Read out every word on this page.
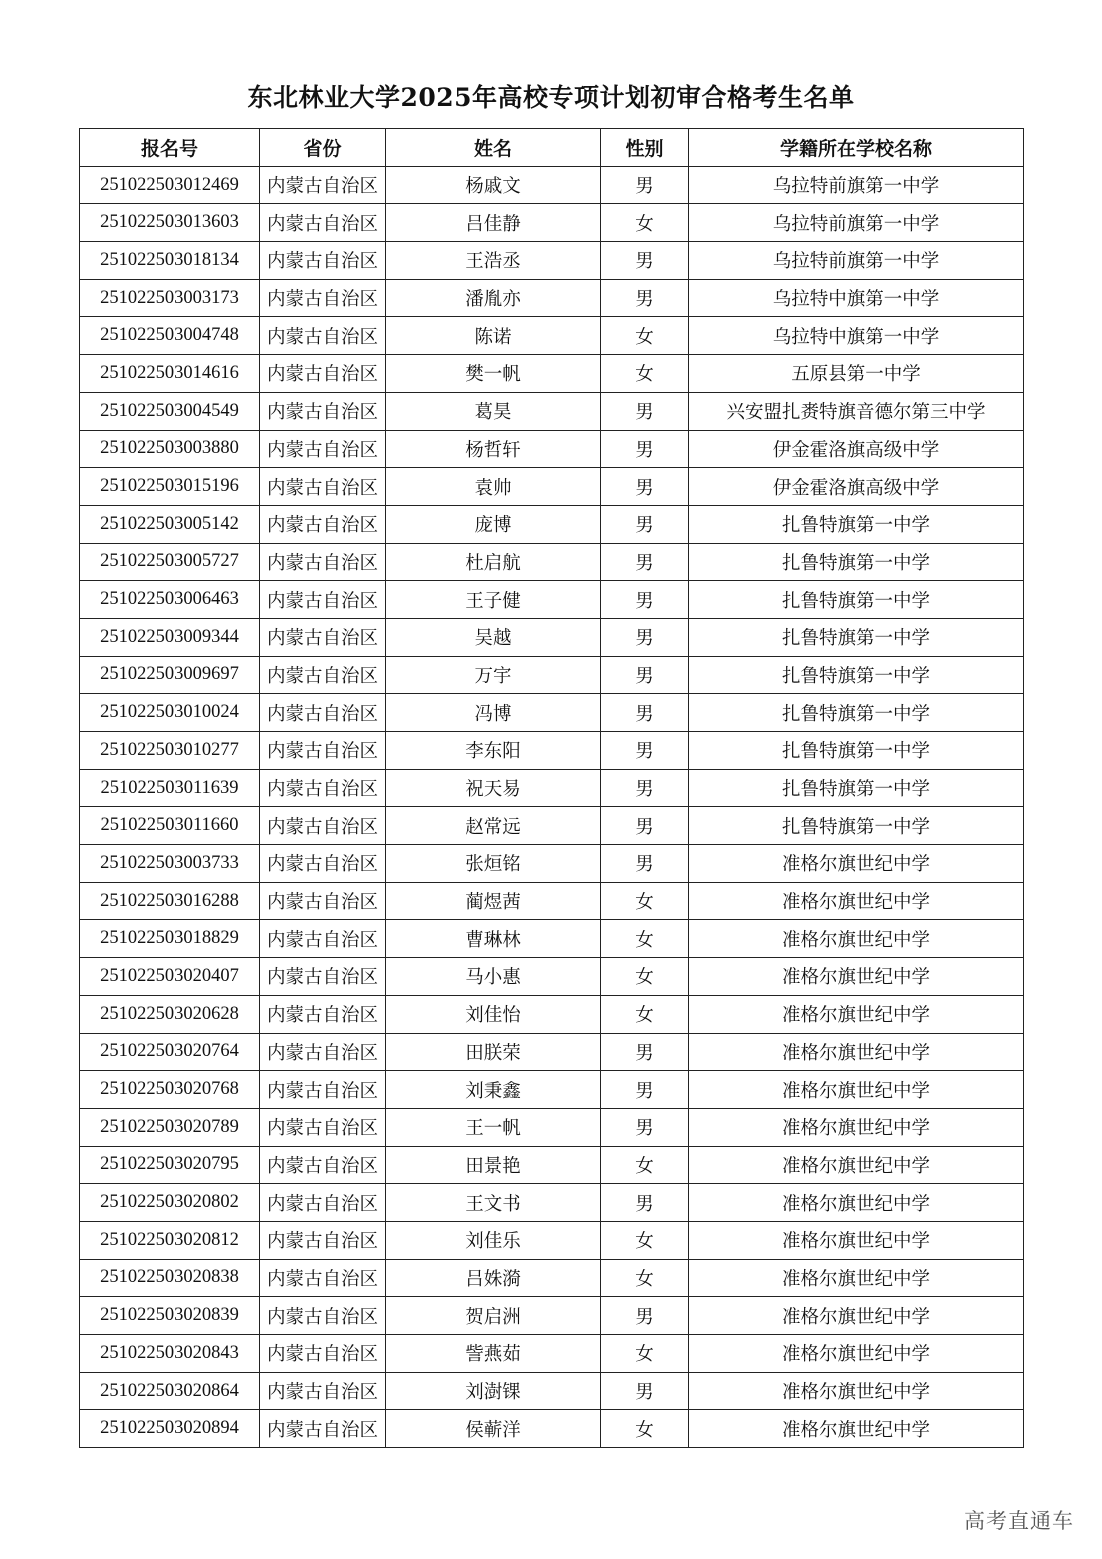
东北林业大学2025年高校专项计划初审合格考生名单
报名号	省份	姓名	性别	学籍所在学校名称
251022503012469	内蒙古自治区	杨戚文	男	乌拉特前旗第一中学
251022503013603	内蒙古自治区	吕佳静	女	乌拉特前旗第一中学
251022503018134	内蒙古自治区	王浩丞	男	乌拉特前旗第一中学
251022503003173	内蒙古自治区	潘胤亦	男	乌拉特中旗第一中学
251022503004748	内蒙古自治区	陈诺	女	乌拉特中旗第一中学
251022503014616	内蒙古自治区	樊一帆	女	五原县第一中学
251022503004549	内蒙古自治区	葛昊	男	兴安盟扎赉特旗音德尔第三中学
251022503003880	内蒙古自治区	杨哲轩	男	伊金霍洛旗高级中学
251022503015196	内蒙古自治区	袁帅	男	伊金霍洛旗高级中学
251022503005142	内蒙古自治区	庞博	男	扎鲁特旗第一中学
251022503005727	内蒙古自治区	杜启航	男	扎鲁特旗第一中学
251022503006463	内蒙古自治区	王子健	男	扎鲁特旗第一中学
251022503009344	内蒙古自治区	吴越	男	扎鲁特旗第一中学
251022503009697	内蒙古自治区	万宇	男	扎鲁特旗第一中学
251022503010024	内蒙古自治区	冯博	男	扎鲁特旗第一中学
251022503010277	内蒙古自治区	李东阳	男	扎鲁特旗第一中学
251022503011639	内蒙古自治区	祝天易	男	扎鲁特旗第一中学
251022503011660	内蒙古自治区	赵常远	男	扎鲁特旗第一中学
251022503003733	内蒙古自治区	张烜铭	男	准格尔旗世纪中学
251022503016288	内蒙古自治区	蔺煜茜	女	准格尔旗世纪中学
251022503018829	内蒙古自治区	曹琳林	女	准格尔旗世纪中学
251022503020407	内蒙古自治区	马小惠	女	准格尔旗世纪中学
251022503020628	内蒙古自治区	刘佳怡	女	准格尔旗世纪中学
251022503020764	内蒙古自治区	田朕荣	男	准格尔旗世纪中学
251022503020768	内蒙古自治区	刘秉鑫	男	准格尔旗世纪中学
251022503020789	内蒙古自治区	王一帆	男	准格尔旗世纪中学
251022503020795	内蒙古自治区	田景艳	女	准格尔旗世纪中学
251022503020802	内蒙古自治区	王文书	男	准格尔旗世纪中学
251022503020812	内蒙古自治区	刘佳乐	女	准格尔旗世纪中学
251022503020838	内蒙古自治区	吕姝漪	女	准格尔旗世纪中学
251022503020839	内蒙古自治区	贺启洲	男	准格尔旗世纪中学
251022503020843	内蒙古自治区	訾燕茹	女	准格尔旗世纪中学
251022503020864	内蒙古自治区	刘澍锞	男	准格尔旗世纪中学
251022503020894	内蒙古自治区	侯蕲洋	女	准格尔旗世纪中学
高考直通车
